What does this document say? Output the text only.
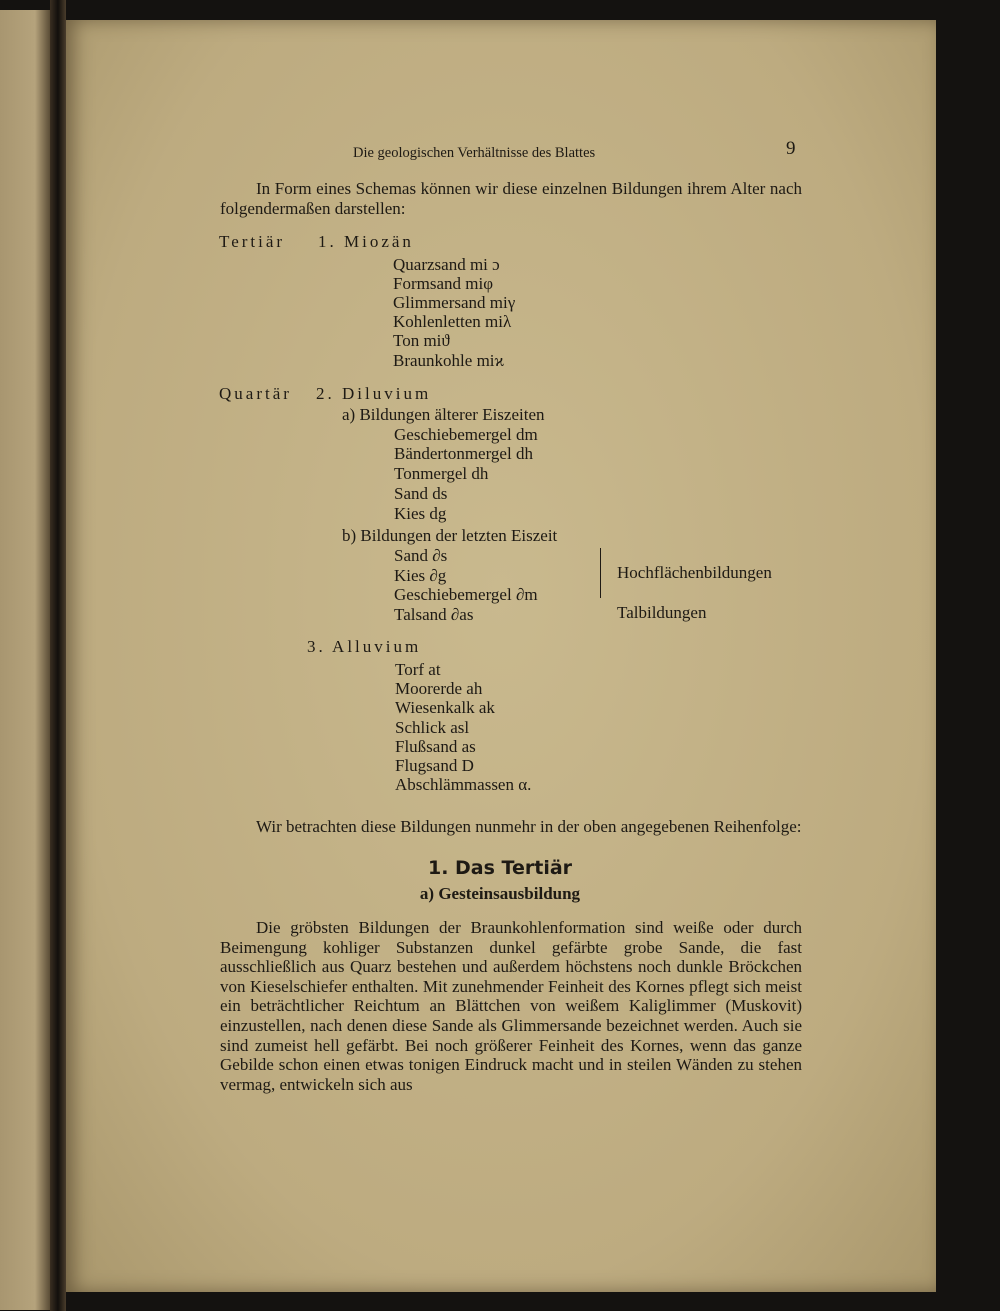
Die geologischen Verhältnisse des Blattes	9
In Form eines Schemas können wir diese einzelnen Bildungen ihrem Alter nach folgendermaßen darstellen:
Tertiär 1. Miozän
Quarzsand mi ɔ
Formsand miφ
Glimmersand miγ
Kohlenletten miλ
Ton miϑ
Braunkohle miϰ
Quartär 2. Diluvium
a) Bildungen älterer Eiszeiten
Geschiebemergel dm
Bändertonmergel dh
Tonmergel dh
Sand ds
Kies dg
b) Bildungen der letzten Eiszeit
Sand ∂s
Kies ∂g
Geschiebemergel ∂m
Talsand ∂as
Hochflächenbildungen
Talbildungen
3. Alluvium
Torf at
Moorerde ah
Wiesenkalk ak
Schlick asl
Flußsand as
Flugsand D
Abschlämmassen α.
Wir betrachten diese Bildungen nunmehr in der oben angegebenen Reihenfolge:
1. Das Tertiär
a) Gesteinsausbildung
Die gröbsten Bildungen der Braunkohlenformation sind weiße oder durch Beimengung kohliger Substanzen dunkel gefärbte grobe Sande, die fast ausschließlich aus Quarz bestehen und außerdem höchstens noch dunkle Bröckchen von Kieselschiefer enthalten. Mit zunehmender Feinheit des Kornes pflegt sich meist ein beträchtlicher Reichtum an Blättchen von weißem Kaliglimmer (Muskovit) einzustellen, nach denen diese Sande als Glimmersande bezeichnet werden. Auch sie sind zumeist hell gefärbt. Bei noch größerer Feinheit des Kornes, wenn das ganze Gebilde schon einen etwas tonigen Eindruck macht und in steilen Wänden zu stehen vermag, entwickeln sich aus
